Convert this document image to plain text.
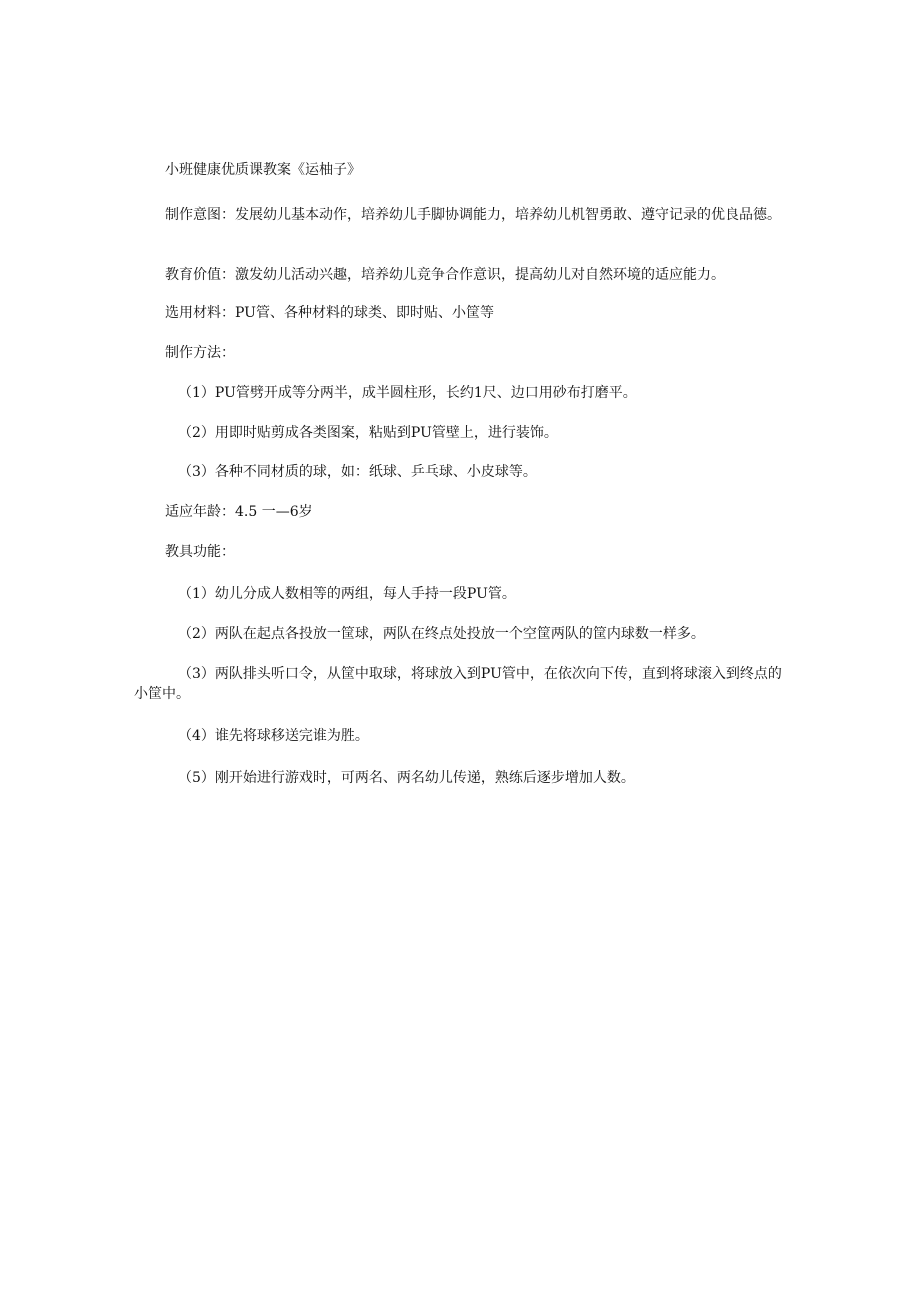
小班健康优质课教案《运柚子》
制作意图：发展幼儿基本动作，培养幼儿手脚协调能力，培养幼儿机智勇敢、遵守记录的优良品德。
教育价值：激发幼儿活动兴趣，培养幼儿竞争合作意识，提高幼儿对自然环境的适应能力。
选用材料：PU管、各种材料的球类、即时贴、小筐等
制作方法：
（1）PU管劈开成等分两半，成半圆柱形，长约1尺、边口用砂布打磨平。
（2）用即时贴剪成各类图案，粘贴到PU管壁上，进行装饰。
（3）各种不同材质的球，如：纸球、乒乓球、小皮球等。
适应年龄：4.5 一—6岁
教具功能：
（1）幼儿分成人数相等的两组，每人手持一段PU管。
（2）两队在起点各投放一筐球，两队在终点处投放一个空筐两队的筐内球数一样多。
（3）两队排头听口令，从筐中取球，将球放入到PU管中，在依次向下传，直到将球滚入到终点的小筐中。
（4）谁先将球移送完谁为胜。
（5）刚开始进行游戏时，可两名、两名幼儿传递，熟练后逐步增加人数。
